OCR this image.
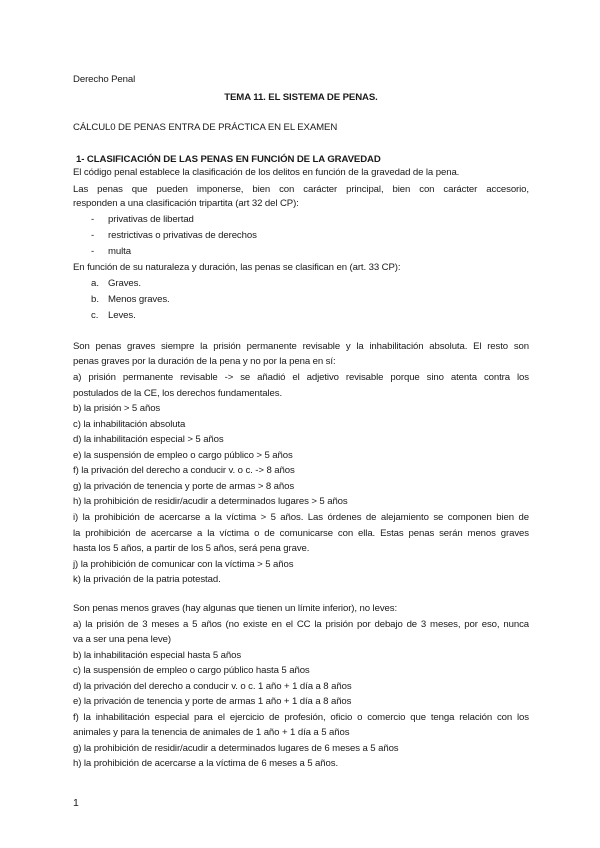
Derecho Penal
TEMA 11. EL SISTEMA DE PENAS.
CÁLCUL0 DE PENAS ENTRA DE PRÁCTICA EN EL EXAMEN
1- CLASIFICACIÓN DE LAS PENAS EN FUNCIÓN DE LA GRAVEDAD
El código penal establece la clasificación de los delitos en función de la gravedad de la pena.
Las penas que pueden imponerse, bien con carácter principal, bien con carácter accesorio,
responden a una clasificación tripartita (art 32 del CP):
- privativas de libertad
- restrictivas o privativas de derechos
- multa
En función de su naturaleza y duración, las penas se clasifican en (art. 33 CP):
a. Graves.
b. Menos graves.
c. Leves.
Son penas graves siempre la prisión permanente revisable y la inhabilitación absoluta. El resto son
penas graves por la duración de la pena y no por la pena en sí:
a) prisión permanente revisable -> se añadió el adjetivo revisable porque sino atenta contra los
postulados de la CE, los derechos fundamentales.
b) la prisión > 5 años
c) la inhabilitación absoluta
d) la inhabilitación especial > 5 años
e) la suspensión de empleo o cargo público > 5 años
f) la privación del derecho a conducir v. o c. -> 8 años
g) la privación de tenencia y porte de armas > 8 años
h) la prohibición de residir/acudir a determinados lugares > 5 años
i) la prohibición de acercarse a la víctima > 5 años. Las órdenes de alejamiento se componen bien de
la prohibición de acercarse a la víctima o de comunicarse con ella. Estas penas serán menos graves
hasta los 5 años, a partir de los 5 años, será pena grave.
j) la prohibición de comunicar con la víctima > 5 años
k) la privación de la patria potestad.
Son penas menos graves (hay algunas que tienen un límite inferior), no leves:
a) la prisión de 3 meses a 5 años (no existe en el CC la prisión por debajo de 3 meses, por eso, nunca
va a ser una pena leve)
b) la inhabilitación especial hasta 5 años
c) la suspensión de empleo o cargo público hasta 5 años
d) la privación del derecho a conducir v. o c. 1 año + 1 día a 8 años
e) la privación de tenencia y porte de armas 1 año + 1 día a 8 años
f) la inhabilitación especial para el ejercicio de profesión, oficio o comercio que tenga relación con los
animales y para la tenencia de animales de 1 año + 1 día a 5 años
g) la prohibición de residir/acudir a determinados lugares de 6 meses a 5 años
h) la prohibición de acercarse a la víctima de 6 meses a 5 años.
1
